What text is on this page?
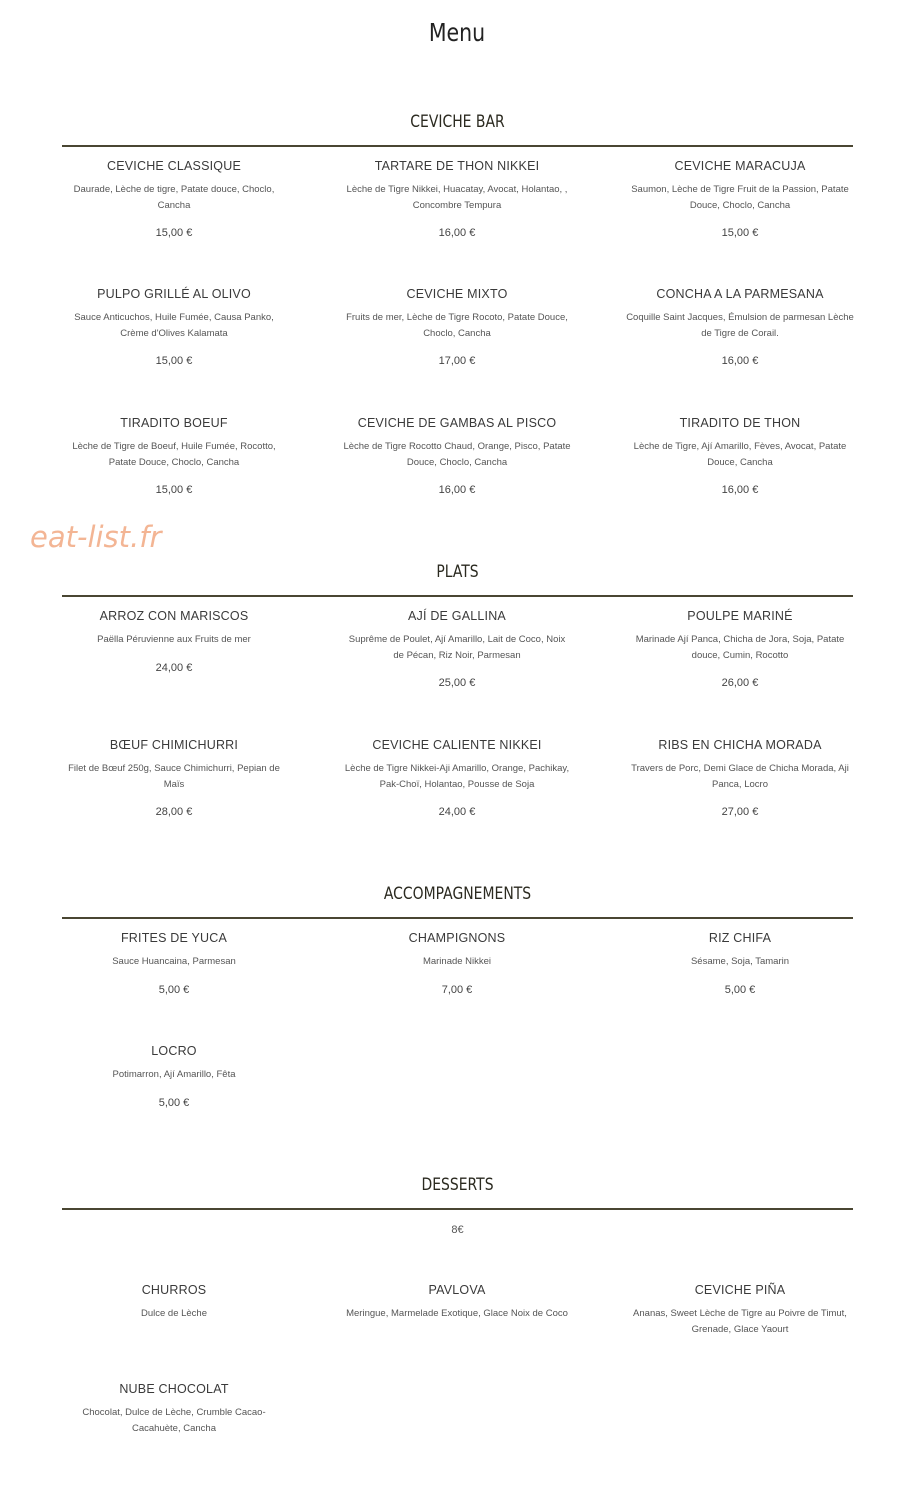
Menu
eat-list.fr
CEVICHE BAR
CEVICHE CLASSIQUE
Daurade, Lèche de tigre, Patate douce, Choclo, Cancha
15,00 €
TARTARE DE THON NIKKEI
Lèche de Tigre Nikkei, Huacatay, Avocat, Holantao, , Concombre Tempura
16,00 €
CEVICHE MARACUJA
Saumon, Lèche de Tigre Fruit de la Passion, Patate Douce, Choclo, Cancha
15,00 €
PULPO GRILLÉ AL OLIVO
Sauce Anticuchos, Huile Fumée, Causa Panko, Crème d'Olives Kalamata
15,00 €
CEVICHE MIXTO
Fruits de mer, Lèche de Tigre Rocoto, Patate Douce, Choclo, Cancha
17,00 €
CONCHA A LA PARMESANA
Coquille Saint Jacques, Émulsion de parmesan Lèche de Tigre de Corail.
16,00 €
TIRADITO BOEUF
Lèche de Tigre de Boeuf, Huile Fumée, Rocotto, Patate Douce, Choclo, Cancha
15,00 €
CEVICHE DE GAMBAS AL PISCO
Lèche de Tigre Rocotto Chaud, Orange, Pisco, Patate Douce, Choclo, Cancha
16,00 €
TIRADITO DE THON
Lèche de Tigre, Ají Amarillo, Fèves, Avocat, Patate Douce, Cancha
16,00 €
PLATS
ARROZ CON MARISCOS
Paëlla Péruvienne aux Fruits de mer
24,00 €
AJÍ DE GALLINA
Suprême de Poulet, Ají Amarillo, Lait de Coco, Noix de Pécan, Riz Noir, Parmesan
25,00 €
POULPE MARINÉ
Marinade Ají Panca, Chicha de Jora, Soja, Patate douce, Cumin, Rocotto
26,00 €
BŒUF CHIMICHURRI
Filet de Bœuf 250g, Sauce Chimichurri, Pepian de Maïs
28,00 €
CEVICHE CALIENTE NIKKEI
Lèche de Tigre Nikkei-Aji Amarillo, Orange, Pachikay, Pak-Choï, Holantao, Pousse de Soja
24,00 €
RIBS EN CHICHA MORADA
Travers de Porc, Demi Glace de Chicha Morada, Aji Panca, Locro
27,00 €
ACCOMPAGNEMENTS
FRITES DE YUCA
Sauce Huancaina, Parmesan
5,00 €
CHAMPIGNONS
Marinade Nikkei
7,00 €
RIZ CHIFA
Sésame, Soja, Tamarin
5,00 €
LOCRO
Potimarron, Ají Amarillo, Fêta
5,00 €
DESSERTS
8€
CHURROS
Dulce de Lèche
PAVLOVA
Meringue, Marmelade Exotique, Glace Noix de Coco
CEVICHE PIÑA
Ananas, Sweet Lèche de Tigre au Poivre de Timut, Grenade, Glace Yaourt
NUBE CHOCOLAT
Chocolat, Dulce de Lèche, Crumble Cacao-Cacahuète, Cancha
